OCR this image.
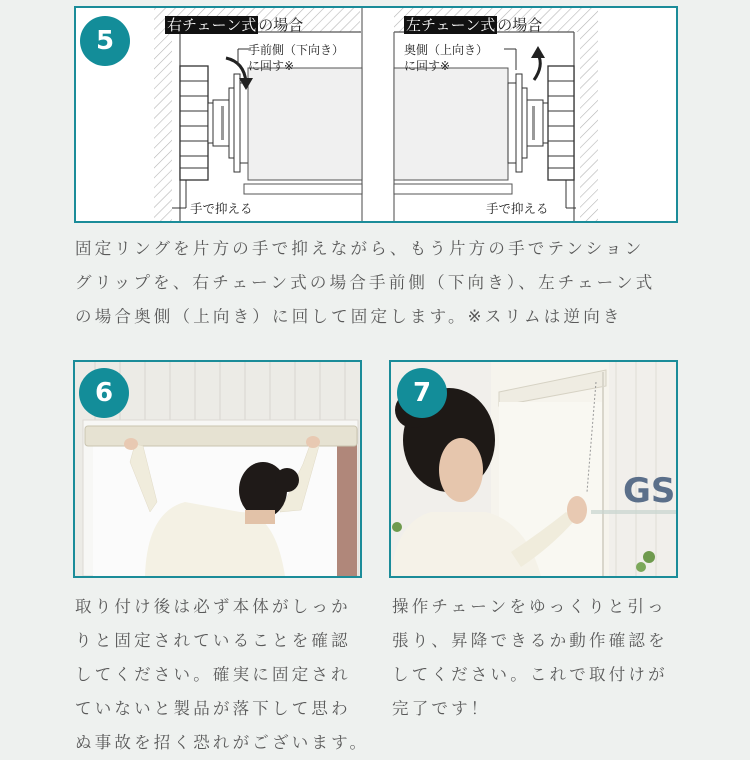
5
右チェーン式 の場合
手前側（下向き）
に回す※
手で抑える
左チェーン式 の場合
奥側（上向き）
に回す※
手で抑える
固定リングを片方の手で抑えながら、もう片方の手でテンション
グリップを、右チェーン式の場合手前側（下向き）、左チェーン式
の場合奥側（上向き）に回して固定します。※スリムは逆向き
6
取り付け後は必ず本体がしっか
りと固定されていることを確認
してください。確実に固定され
ていないと製品が落下して思わ
ぬ事故を招く恐れがございます。
GS
7
操作チェーンをゆっくりと引っ
張り、昇降できるか動作確認を
してください。これで取付けが
完了です！
